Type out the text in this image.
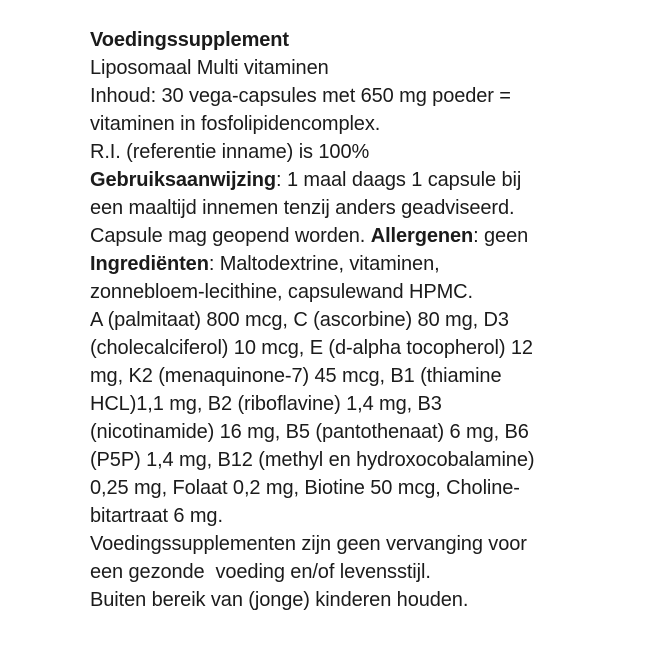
Voedingssupplement
Liposomaal Multi vitaminen
Inhoud: 30 vega-capsules met 650 mg poeder =
vitaminen in fosfolipidencomplex.
R.I. (referentie inname) is 100%
Gebruiksaanwijzing: 1 maal daags 1 capsule bij
een maaltijd innemen tenzij anders geadviseerd.
Capsule mag geopend worden. Allergenen: geen
Ingrediënten: Maltodextrine, vitaminen,
zonnebloem-lecithine, capsulewand HPMC.
A (palmitaat) 800 mcg, C (ascorbine) 80 mg, D3
(cholecalciferol) 10 mcg, E (d-alpha tocopherol) 12
mg, K2 (menaquinone-7) 45 mcg, B1 (thiamine
HCL)1,1 mg, B2 (riboflavine) 1,4 mg, B3
(nicotinamide) 16 mg, B5 (pantothenaat) 6 mg, B6
(P5P) 1,4 mg, B12 (methyl en hydroxocobalamine)
0,25 mg, Folaat 0,2 mg, Biotine 50 mcg, Choline-
bitartraat 6 mg.
Voedingssupplementen zijn geen vervanging voor
een gezonde  voeding en/of levensstijl.
Buiten bereik van (jonge) kinderen houden.
